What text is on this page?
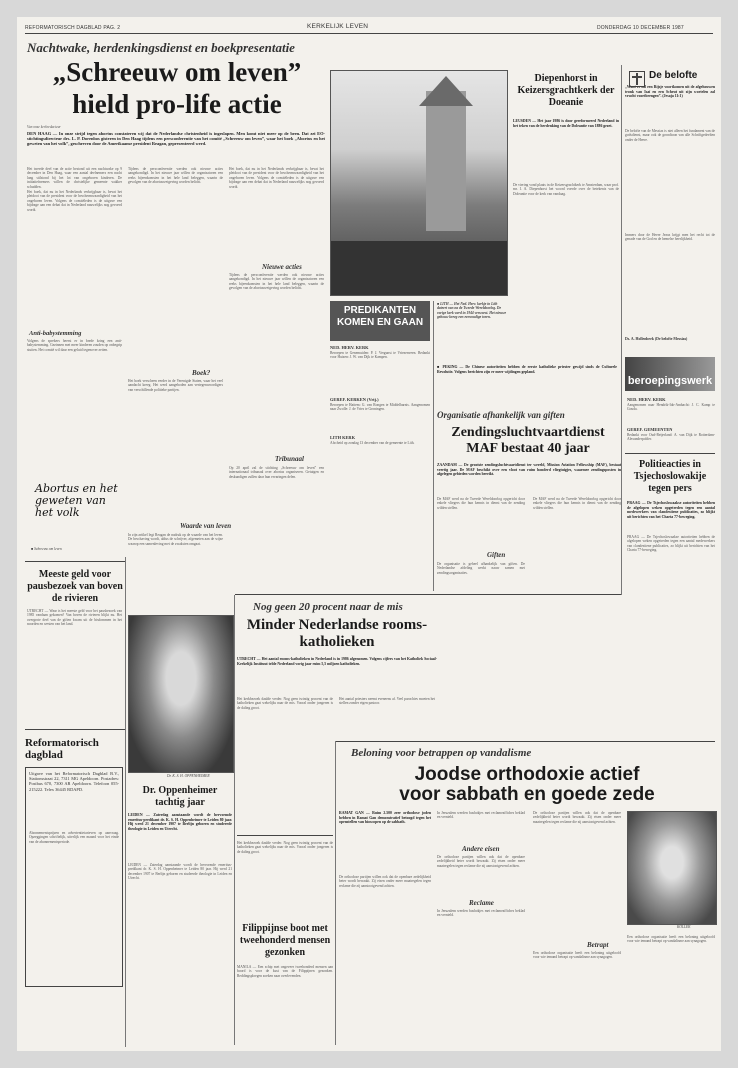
REFORMATORISCH DAGBLAD PAG. 2	KERKELIJK LEVEN	DONDERDAG 10 DECEMBER 1987
Nachtwake, herdenkingsdienst en boekpresentatie
„Schreeuw om leven”
hield pro-life actie
Van onze kerkredacteur
DEN HAAG — In onze strijd tegen abortus constateren wij dat de Nederlandse christenheid is ingeslapen. Men komt niet meer op de been. Dat zei EO-stichtingsdirecteur drs. L. P. Dorenbos gisteren in Den Haag tijdens een persconferentie van het comité „Schreeuw om leven”, waar het boek „Abortus en het geweten van het volk”, geschreven door de Amerikaanse president Reagan, gepresenteerd werd.

Het tweede deel van de actie bestond uit een nachtwake op 9 december in Den Haag, waar een aantal deelnemers een nacht lang stilstond bij het lot van ongeboren kinderen. De initiatiefnemers willen de christelijke gemeente wakker schudden.

Het boek, dat nu in het Nederlands verkrijgbaar is, bevat het pleidooi van de president voor de beschermwaardigheid van het ongeboren leven. Volgens de comitéleden is de uitgave een bijdrage aan een debat dat in Nederland nauwelijks nog gevoerd wordt.

Anti-babystemming
Volgens de sprekers heerst er in brede kring een anti-babystemming. Gezinnen met meer kinderen zouden op onbegrip stuiten. Het comité wil daar een geluid tegenover zetten.

Tijdens de persconferentie werden ook nieuwe acties aangekondigd. In het nieuwe jaar willen de organisatoren een reeks bijeenkomsten in het hele land beleggen, waarin de gevolgen van de abortuswetgeving worden belicht.

Boek?
Het boek verscheen eerder in de Verenigde Staten, waar het veel aandacht kreeg. Het werd aangeboden aan vertegenwoordigers van verschillende politieke partijen.
Waarde van leven
In zijn artikel legt Reagan de nadruk op de waarde van het leven. De beschaving wordt, aldus de schrijver, afgemeten aan de wijze waarop een samenleving met de zwaksten omgaat.
Nieuwe acties

Het boek, dat nu in het Nederlands verkrijgbaar is, bevat het pleidooi van de president voor de beschermwaardigheid van het ongeboren leven. Volgens de comitéleden is de uitgave een bijdrage aan een debat dat in Nederland nauwelijks nog gevoerd wordt.

Tijdens de persconferentie werden ook nieuwe acties aangekondigd. In het nieuwe jaar willen de organisatoren een reeks bijeenkomsten in het hele land beleggen, waarin de gevolgen van de abortuswetgeving worden belicht.

Tribunaal
Op 20 april zal de stichting „Schreeuw om leven” een internationaal tribunaal over abortus organiseren. Getuigen en deskundigen zullen daar hun ervaringen delen.
Abortus en het geweten van het volk
■ Schreeuw om leven
Meeste geld voor pausbezoek van boven de rivieren
UTRECHT — Waar is het meeste geld voor het pausbezoek van 1985 vandaan gekomen? Van boven de rivieren blijkt nu. Het overgrote deel van de giften kwam uit de bisdommen in het noorden en westen van het land.
Reformatorisch dagblad
Uitgave van het Reformatorisch Dagblad B.V., Stationsstraat 22, 7311 MG Apeldoorn. Postadres: Postbus 670, 7300 AR Apeldoorn. Telefoon 055-215222. Telex 36445 RDAPD.
Abonnementsprijzen en advertentietarieven op aanvraag. Opzeggingen schriftelijk, uiterlijk een maand voor het einde van de abonnementsperiode.
Dr. K. S. H. OPPENHEIMER
Dr. Oppenheimer tachtig jaar
LEIDEN — Zaterdag aanstaande wordt de hervormde emeritus-predikant dr. K. S. H. Oppenheimer te Leiden 80 jaar. Hij werd 21 december 1907 te Berlijn geboren en studeerde theologie in Leiden en Utrecht.

LEIDEN — Zaterdag aanstaande wordt de hervormde emeritus-predikant dr. K. S. H. Oppenheimer te Leiden 80 jaar. Hij werd 21 december 1907 te Berlijn geboren en studeerde theologie in Leiden en Utrecht.

PREDIKANTEN KOMEN EN GAAN
NED. HERV. KERK
Beroepen te Genemuiden: P. J. Vergunst te Vriezenveen. Bedankt voor Huizen: J. W. van Dijk te Kampen.
GEREF. KERKEN (Vrij.)
Beroepen te Hattem: G. van Rongen te Middelharnis. Aangenomen naar Zwolle: J. de Vries te Groningen.
LITH KERK
Afscheid op zondag 13 december van de gemeente te Lith.
■ LITH — Het Ned. Herv. kerkje in Lith dateert van na de Tweede Wereldoorlog. De vorige kerk werd in 1944 verwoest. Het nieuwe gebouw kreeg een eenvoudige toren.
Diepenhorst in Keizersgrachtkerk der Doeanie
LEUSDEN — Het jaar 1986 is door gereformeerd Nederland in het teken van de herdenking van de Doleantie van 1886 gezet.
De viering vond plaats in de Keizersgrachtkerk te Amsterdam, waar prof. mr. I. A. Diepenhorst het woord voerde over de betekenis van de Doleantie voor de kerk van vandaag.
■ PEKING — De Chinese autoriteiten hebben de eerste katholieke priester gewijd sinds de Culturele Revolutie. Volgens berichten zijn er meer wijdingen gepland.
Organisatie afhankelijk van giften
Zendingsluchtvaartdienst MAF bestaat 40 jaar
ZAANDAM — De grootste zendingsluchtvaartdienst ter wereld, Mission Aviation Fellowship (MAF), bestaat veertig jaar. De MAF beschikt over een vloot van ruim honderd vliegtuigjes, waarmee zendingsposten in afgelegen gebieden worden bereikt.
De MAF werd na de Tweede Wereldoorlog opgericht door enkele vliegers die hun kennis in dienst van de zending wilden stellen.
Giften
De organisatie is geheel afhankelijk van giften. De Nederlandse afdeling werkt nauw samen met zendingsorganisaties.

De MAF werd na de Tweede Wereldoorlog opgericht door enkele vliegers die hun kennis in dienst van de zending wilden stellen.

Nog geen 20 procent naar de mis
Minder Nederlandse rooms-katholieken
UTRECHT — Het aantal rooms-katholieken in Nederland is in 1986 afgenomen. Volgens cijfers van het Katholiek Sociaal-Kerkelijk Instituut telde Nederland vorig jaar ruim 5,5 miljoen katholieken.
Het kerkbezoek daalde verder. Nog geen twintig procent van de katholieken gaat wekelijks naar de mis. Vooral onder jongeren is de daling groot.
Het aantal priesters neemt eveneens af. Veel parochies moeten het stellen zonder eigen pastoor.
Filippijnse boot met tweehonderd mensen gezonken
MANILA — Een schip met ongeveer tweehonderd mensen aan boord is voor de kust van de Filippijnen gezonken. Reddingsploegen zoeken naar overlevenden.

Het kerkbezoek daalde verder. Nog geen twintig procent van de katholieken gaat wekelijks naar de mis. Vooral onder jongeren is de daling groot.

Beloning voor betrappen op vandalisme
Joodse orthodoxie actief
voor sabbath en goede zede
RAMAT GAN — Ruim 2.500 zeer orthodoxe joden hebben in Ramat Gan demonstratief betoogd tegen het openstellen van bioscopen op de sabbath.

De orthodoxe partijen willen ook dat de openbare zedelijkheid beter wordt bewaakt. Zij eisen onder meer maatregelen tegen reclame die zij aanstootgevend achten.

In Jeruzalem werden bushokjes met reclameaffiches beklad en vernield.

Andere eisen
De orthodoxe partijen willen ook dat de openbare zedelijkheid beter wordt bewaakt. Zij eisen onder meer maatregelen tegen reclame die zij aanstootgevend achten.
Reclame
In Jeruzalem werden bushokjes met reclameaffiches beklad en vernield.

De orthodoxe partijen willen ook dat de openbare zedelijkheid beter wordt bewaakt. Zij eisen onder meer maatregelen tegen reclame die zij aanstootgevend achten.

Betrapt
Een orthodoxe organisatie heeft een beloning uitgeloofd voor wie iemand betrapt op vandalisme aan synagogen.
KOLLEK

Een orthodoxe organisatie heeft een beloning uitgeloofd voor wie iemand betrapt op vandalisme aan synagogen.

De belofte
„Want er zal een Rijsje voortkomen uit de afgehouwen tronk van Isaï en een Scheut uit zijn wortelen zal vrucht voortbrengen”. (Jesaja 11:1)
De belofte van de Messias is niet alleen het fundament van de godsdienst, maar ook de grondtoon van alle Schriftgedeelten onder de Heere.
Immers door de Heere Jezus krijgt men het recht tot de genade van de God en de hemelse heerlijkheid.
Ds. A. Hollenbeek (De belofte Messias)
beroepingswerk
NED. HERV. KERK
Aangenomen naar Hendrik-Ido-Ambacht: J. C. Kamp te Gouda.
GEREF. GEMEENTEN
Bedankt voor Oud-Beijerland: A. van Dijk te Rotterdam-Alexanderpolder.
Politieacties in Tsjechoslowakije tegen pers
PRAAG — De Tsjechoslowaakse autoriteiten hebben de afgelopen weken opgetreden tegen een aantal medewerkers van clandestiene publicaties, zo blijkt uit berichten van het Charta 77-beweging.

PRAAG — De Tsjechoslowaakse autoriteiten hebben de afgelopen weken opgetreden tegen een aantal medewerkers van clandestiene publicaties, zo blijkt uit berichten van het Charta 77-beweging.
